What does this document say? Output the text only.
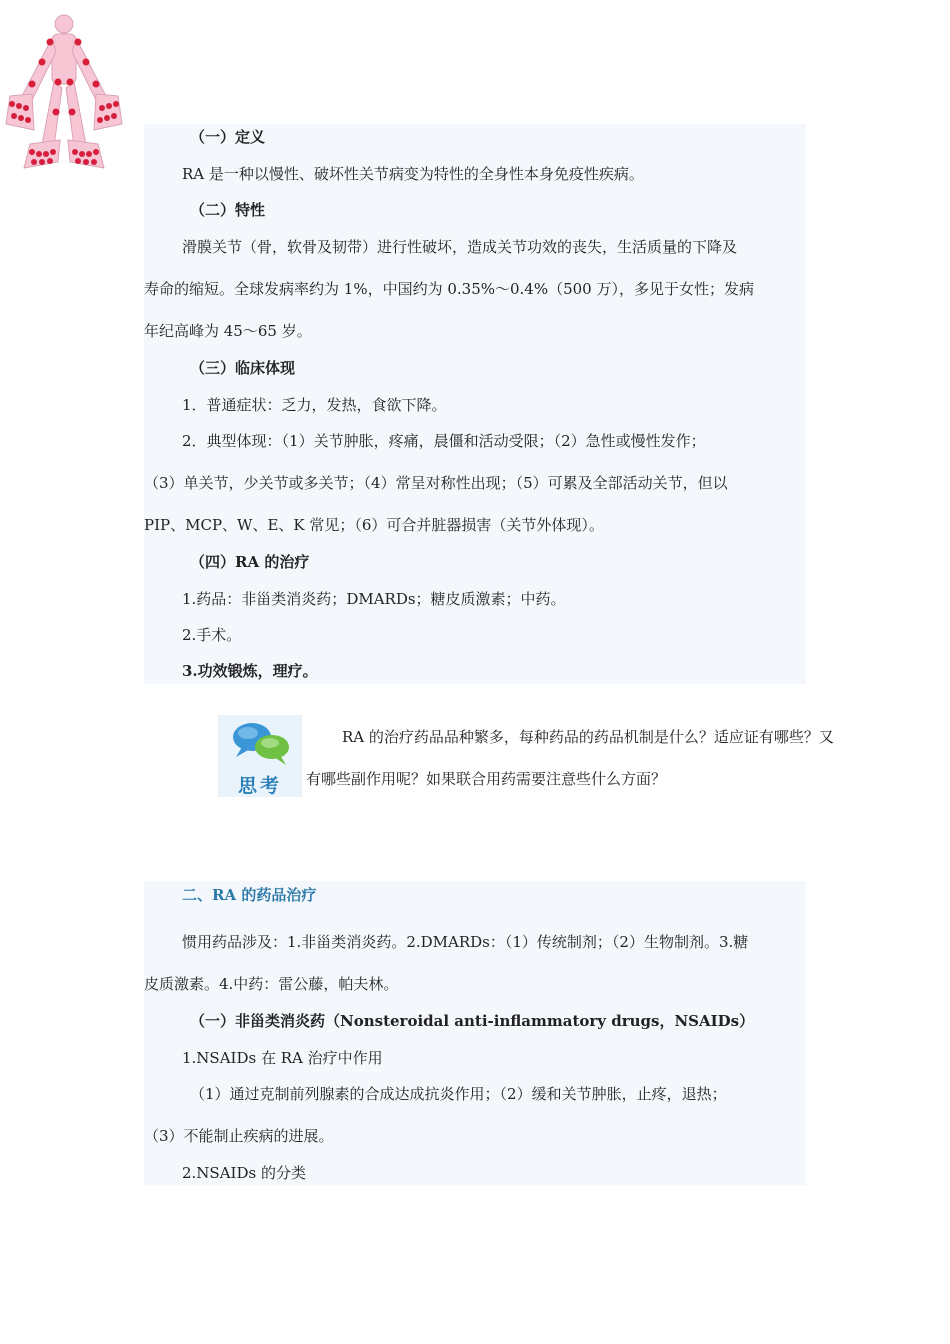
（一）定义
RA 是一种以慢性、破坏性关节病变为特性的全身性本身免疫性疾病。
（二）特性
滑膜关节（骨，软骨及韧带）进行性破坏，造成关节功效的丧失，生活质量的下降及
寿命的缩短。全球发病率约为 1%，中国约为 0.35%～0.4%（500 万），多见于女性；发病
年纪高峰为 45～65 岁。
（三）临床体现
1．普通症状：乏力，发热，食欲下降。
2．典型体现：（1）关节肿胀，疼痛，晨僵和活动受限；（2）急性或慢性发作；
（3）单关节，少关节或多关节；（4）常呈对称性出现；（5）可累及全部活动关节，但以
PIP、MCP、W、E、K 常见；（6）可合并脏器损害（关节外体现）。
（四）RA 的治疗
1.药品：非甾类消炎药；DMARDs；糖皮质激素；中药。
2.手术。
3.功效锻炼，理疗。
思考
RA 的治疗药品品种繁多，每种药品的药品机制是什么？适应证有哪些？又
有哪些副作用呢？如果联合用药需要注意些什么方面？
二、RA 的药品治疗
惯用药品涉及：1.非甾类消炎药。2.DMARDs：（1）传统制剂；（2）生物制剂。3.糖
皮质激素。4.中药：雷公藤，帕夫林。
（一）非甾类消炎药（Nonsteroidal anti-inflammatory drugs，NSAIDs）
1.NSAIDs 在 RA 治疗中作用
（1）通过克制前列腺素的合成达成抗炎作用；（2）缓和关节肿胀，止疼，退热；
（3）不能制止疾病的进展。
2.NSAIDs 的分类
